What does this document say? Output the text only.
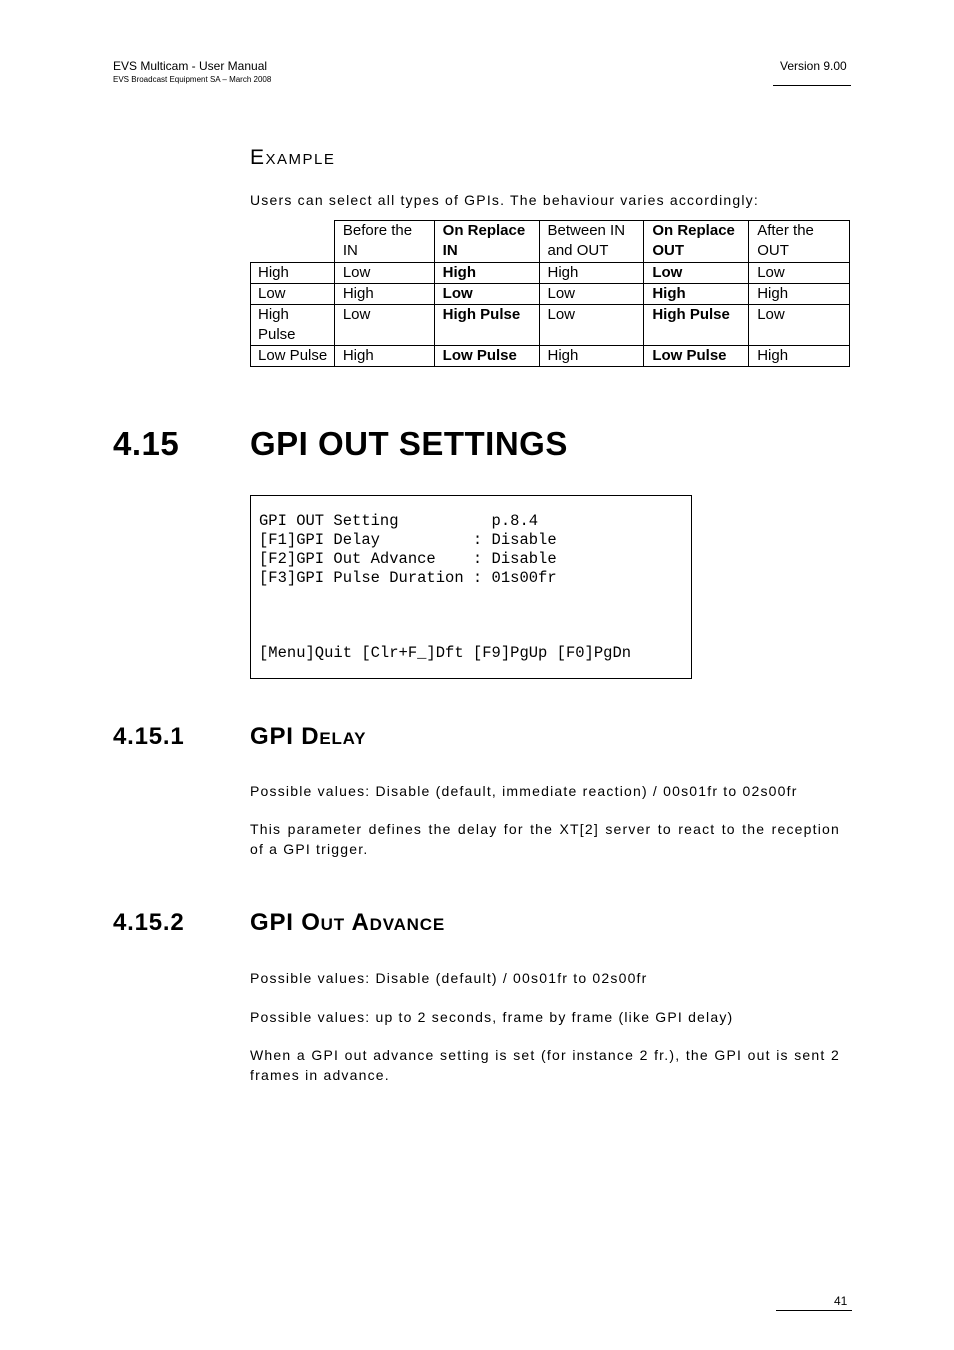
EVS Multicam - User Manual
EVS Broadcast Equipment SA – March 2008
Version 9.00
Example
Users can select all types of GPIs. The behaviour varies accordingly:
	Before the IN	On Replace IN	Between IN and OUT	On Replace OUT	After the OUT
High	Low	High	High	Low	Low
Low	High	Low	Low	High	High
High Pulse	Low	High Pulse	Low	High Pulse	Low
Low Pulse	High	Low Pulse	High	Low Pulse	High
4.15 GPI OUT SETTINGS
GPI OUT Setting          p.8.4
[F1]GPI Delay          : Disable
[F2]GPI Out Advance    : Disable
[F3]GPI Pulse Duration : 01s00fr
[Menu]Quit [Clr+F_]Dft [F9]PgUp [F0]PgDn
4.15.1	GPI Delay
Possible values: Disable (default, immediate reaction) / 00s01fr to 02s00fr
This parameter defines the delay for the XT[2] server to react to the reception of a GPI trigger.
4.15.2	GPI Out Advance
Possible values: Disable (default) / 00s01fr to 02s00fr
Possible values: up to 2 seconds, frame by frame (like GPI delay)
When a GPI out advance setting is set (for instance 2 fr.), the GPI out is sent 2 frames in advance.
41
